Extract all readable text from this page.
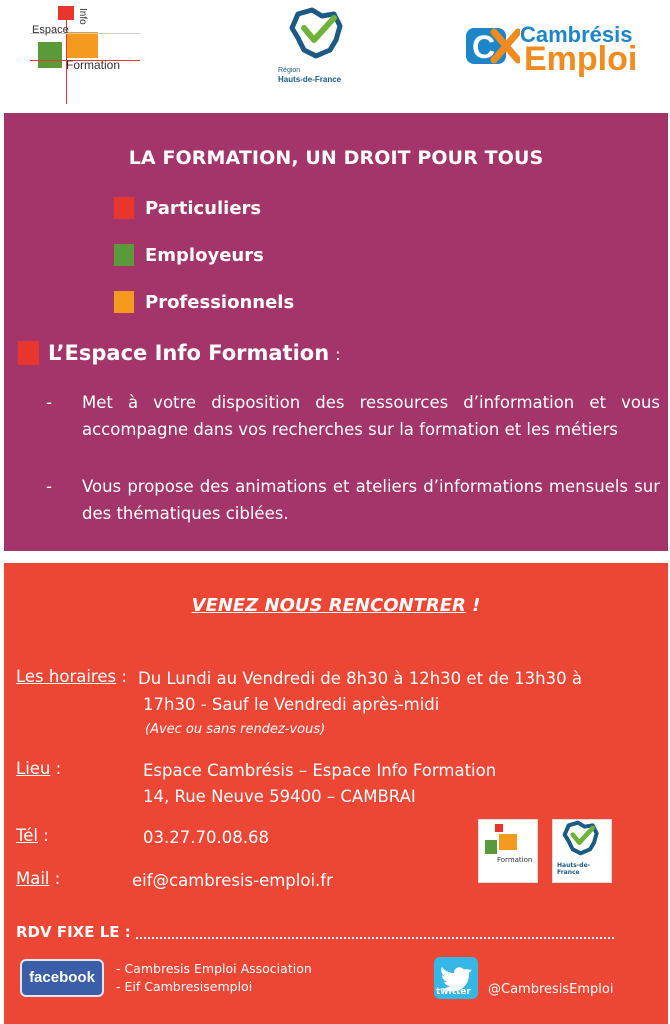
Espace
Info
Formation	Région
Hauts-de-France
C Cambrésis
Emploi
LA FORMATION, UN DROIT POUR TOUS
Particuliers
Employeurs
Professionnels
L’Espace Info Formation :
- Met à votre disposition des ressources d’information et vous accompagne dans vos recherches sur la formation et les métiers
- Vous propose des animations et ateliers d’informations mensuels sur des thématiques ciblées.
VENEZ NOUS RENCONTRER !
Les horaires : Du Lundi au Vendredi de 8h30 à 12h30 et de 13h30 à
17h30 - Sauf le Vendredi après-midi
(Avec ou sans rendez-vous)
Lieu :	Espace Cambrésis – Espace Info Formation
14, Rue Neuve 59400 – CAMBRAI
Tél :	03.27.70.08.68
Mail :	eif@cambresis-emploi.fr
Formation
Hauts-de-France
RDV FIXE LE :
facebook
- Cambresis Emploi Association
- Eif Cambresisemploi	twitter @CambresisEmploi
